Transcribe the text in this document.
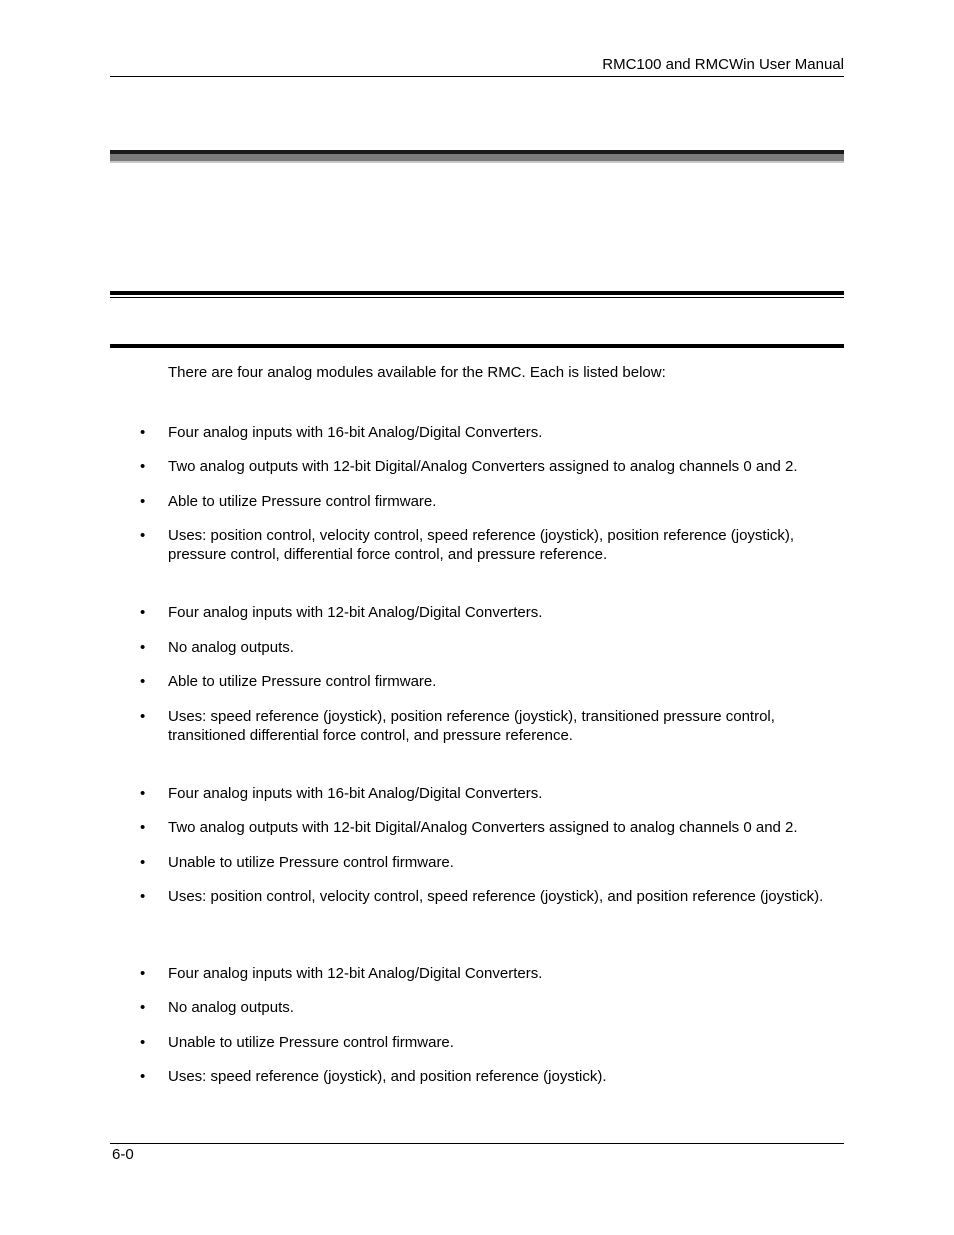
RMC100 and RMCWin User Manual
There are four analog modules available for the RMC. Each is listed below:
•	Four analog inputs with 16-bit Analog/Digital Converters.
•	Two analog outputs with 12-bit Digital/Analog Converters assigned to analog channels 0 and 2.
•	Able to utilize Pressure control firmware.
•	Uses: position control, velocity control, speed reference (joystick), position reference (joystick), pressure control, differential force control, and pressure reference.
•	Four analog inputs with 12-bit Analog/Digital Converters.
•	No analog outputs.
•	Able to utilize Pressure control firmware.
•	Uses: speed reference (joystick), position reference (joystick), transitioned pressure control, transitioned differential force control, and pressure reference.
•	Four analog inputs with 16-bit Analog/Digital Converters.
•	Two analog outputs with 12-bit Digital/Analog Converters assigned to analog channels 0 and 2.
•	Unable to utilize Pressure control firmware.
•	Uses: position control, velocity control, speed reference (joystick), and position reference (joystick).
•	Four analog inputs with 12-bit Analog/Digital Converters.
•	No analog outputs.
•	Unable to utilize Pressure control firmware.
•	Uses: speed reference (joystick), and position reference (joystick).
6-0
